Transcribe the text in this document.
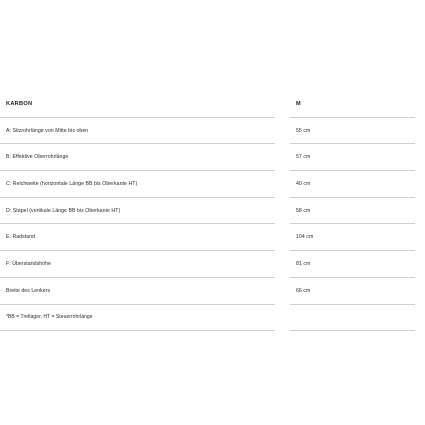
KARBON	M
A: Sitzrohrlänge von Mitte bis oben	55 cm
B: Effektive Oberrohrlänge	57 cm
C: Reichweite (horizontale Länge BB bis Oberkante HT)	40 cm
D: Stapel (vertikale Länge BB bis Oberkante HT)	58 cm
E: Radstand	104 cm
F: Überstandshöhe	81 cm
Breite des Lenkers	66 cm
*BB = Tretlager, HT = Steuerrohrlänge
